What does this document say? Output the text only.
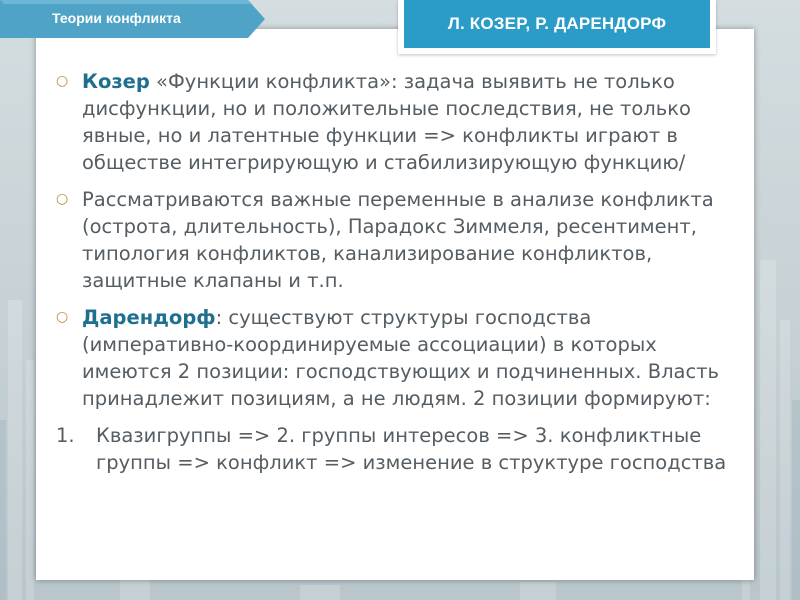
Теории конфликта	Л. КОЗЕР, Р. ДАРЕНДОРФ
○ Козер «Функции конфликта»: задача выявить не только дисфункции, но и положительные последствия, не только явные, но и латентные функции => конфликты играют в обществе интегрирующую и стабилизирующую функцию/
○ Рассматриваются важные переменные в анализе конфликта (острота, длительность), Парадокс Зиммеля, ресентимент, типология конфликтов, канализирование конфликтов, защитные клапаны и т.п.
○ Дарендорф: существуют структуры господства (императивно-координируемые ассоциации) в которых имеются 2 позиции: господствующих и подчиненных. Власть принадлежит позициям, а не людям. 2 позиции формируют:
1. Квазигруппы => 2. группы интересов => 3. конфликтные группы => конфликт => изменение в структуре господства
